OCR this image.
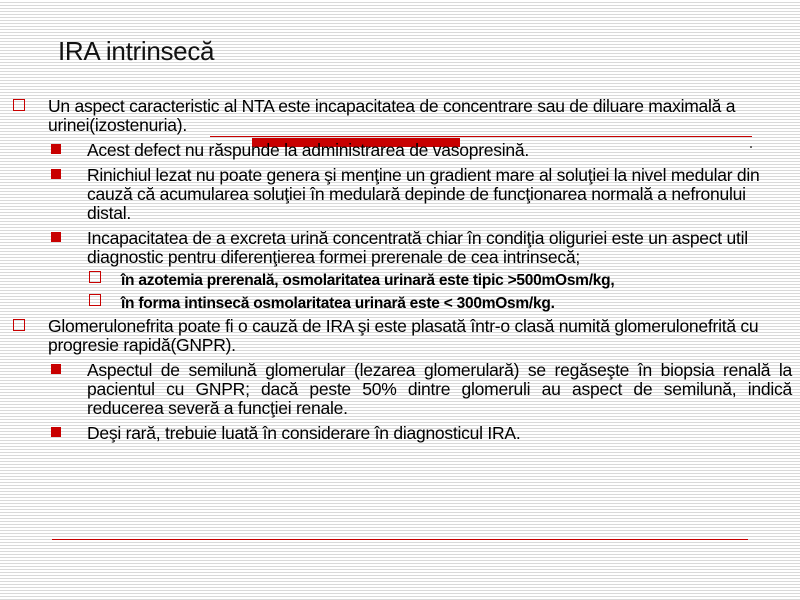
IRA intrinsecă
Un aspect caracteristic al NTA este incapacitatea de concentrare sau de diluare maximală a urinei(izostenuria).
Acest defect nu răspunde la administrarea de vasopresină.
Rinichiul lezat nu poate genera şi menţine un gradient mare al soluţiei la nivel medular din cauză că acumularea soluţiei în medulară depinde de funcţionarea normală a nefronului distal.
Incapacitatea de a excreta urină concentrată chiar în condiţia oliguriei este un aspect util diagnostic pentru diferenţierea formei prerenale de cea intrinsecă;
în azotemia prerenală, osmolaritatea urinară este tipic >500mOsm/kg,
în forma intinsecă osmolaritatea urinară este < 300mOsm/kg.
Glomerulonefrita poate fi o cauză de IRA şi este plasată într-o clasă numită glomerulonefrită cu progresie rapidă(GNPR).
Aspectul de semilună glomerular (lezarea glomerulară) se regăseşte în biopsia renală la pacientul cu GNPR; dacă peste 50% dintre glomeruli au aspect de semilună, indică reducerea severă a funcţiei renale.
Deşi rară, trebuie luată în considerare în diagnosticul IRA.
